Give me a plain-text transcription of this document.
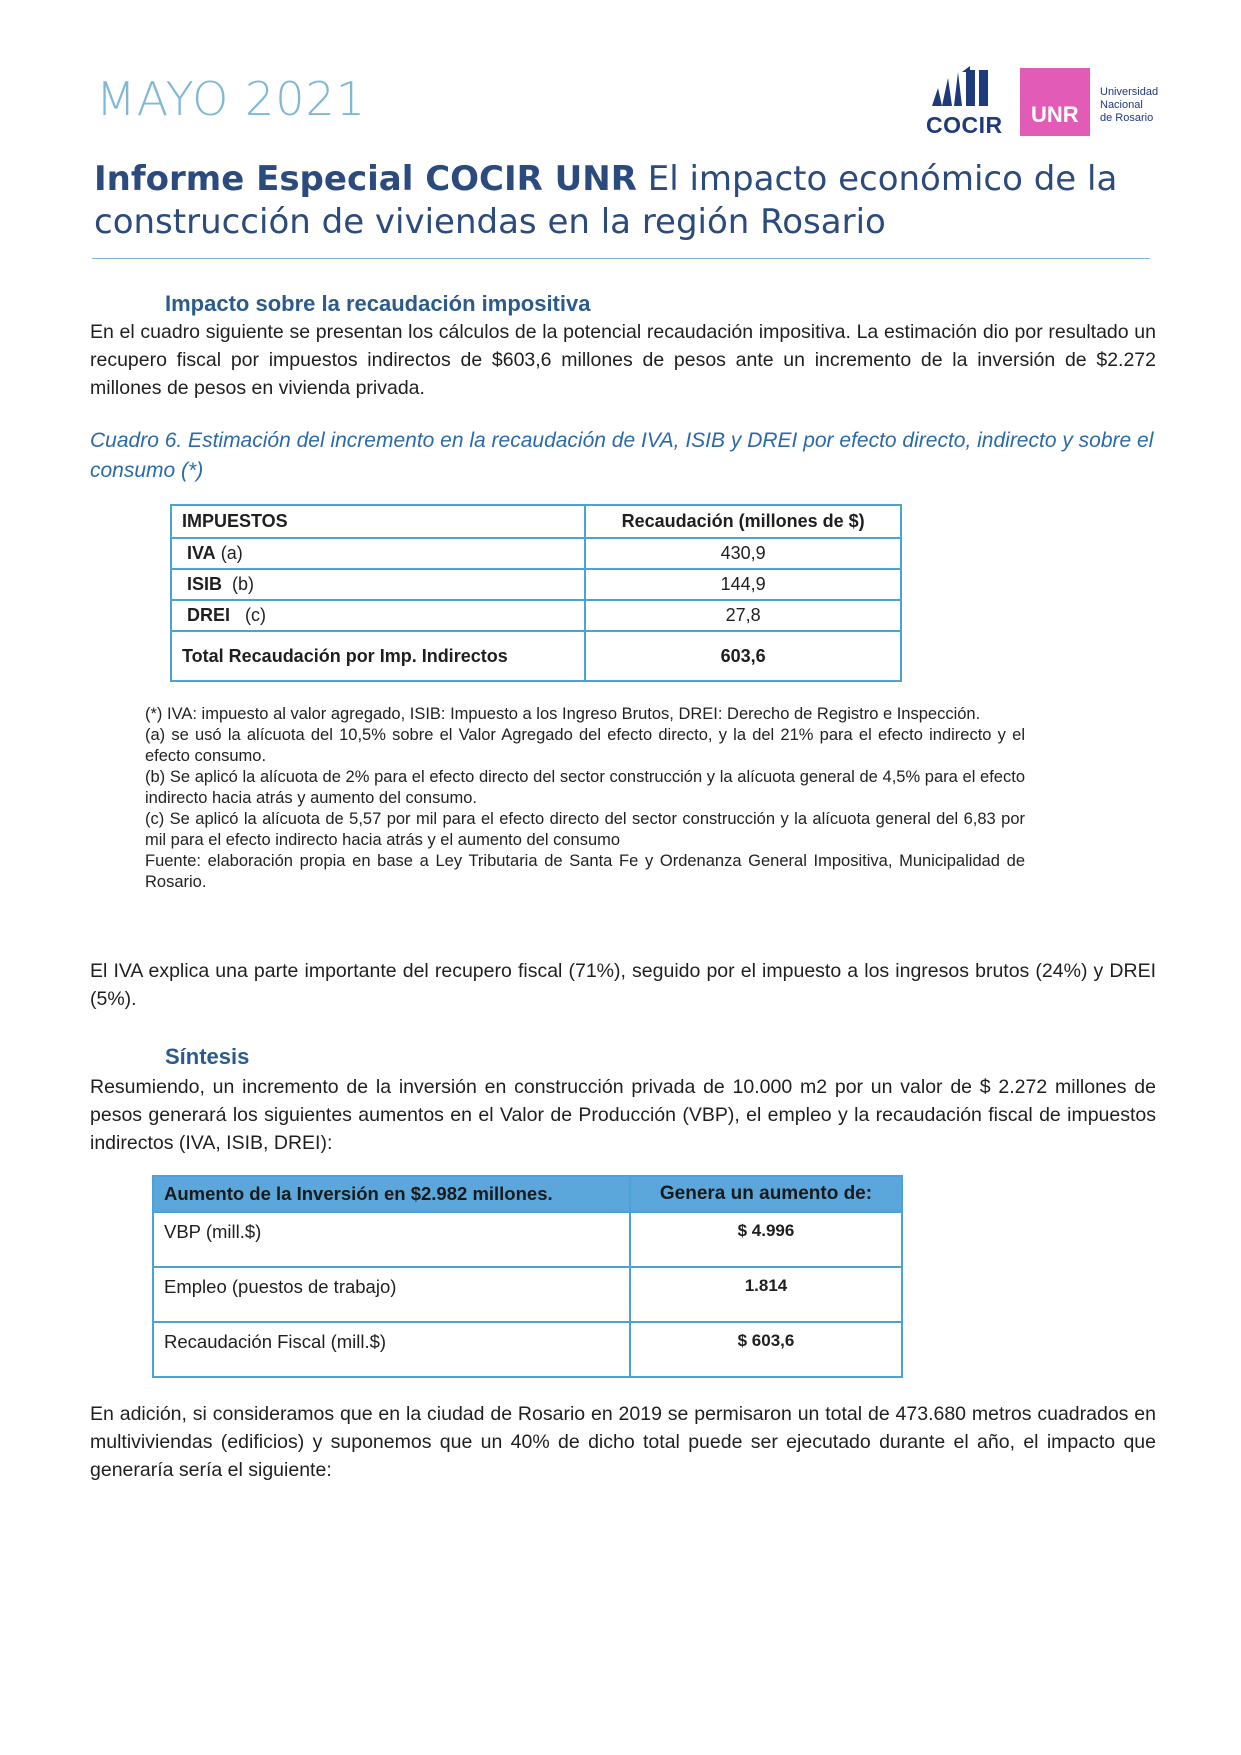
MAYO 2021	COCIR UNR
Universidad
Nacional
de Rosario
Informe Especial COCIR UNR El impacto económico de la construcción de viviendas en la región Rosario
Impacto sobre la recaudación impositiva
En el cuadro siguiente se presentan los cálculos de la potencial recaudación impositiva. La estimación dio por resultado un recupero fiscal por impuestos indirectos de $603,6 millones de pesos ante un incremento de la inversión de $2.272 millones de pesos en vivienda privada.
Cuadro 6. Estimación del incremento en la recaudación de IVA, ISIB y DREI por efecto directo, indirecto y sobre el consumo (*)
IMPUESTOS	Recaudación (millones de $)
IVA (a)	430,9
ISIB (b)	144,9
DREI (c)	27,8
Total Recaudación por Imp. Indirectos	603,6
(*) IVA: impuesto al valor agregado, ISIB: Impuesto a los Ingreso Brutos, DREI: Derecho de Registro e Inspección.
(a) se usó la alícuota del 10,5% sobre el Valor Agregado del efecto directo, y la del 21% para el efecto indirecto y el efecto consumo.
(b) Se aplicó la alícuota de 2% para el efecto directo del sector construcción y la alícuota general de 4,5% para el efecto indirecto hacia atrás y aumento del consumo.
(c) Se aplicó la alícuota de 5,57 por mil para el efecto directo del sector construcción y la alícuota general del 6,83 por mil para el efecto indirecto hacia atrás y el aumento del consumo
Fuente: elaboración propia en base a Ley Tributaria de Santa Fe y Ordenanza General Impositiva, Municipalidad de Rosario.
El IVA explica una parte importante del recupero fiscal (71%), seguido por el impuesto a los ingresos brutos (24%) y DREI (5%).
Síntesis
Resumiendo, un incremento de la inversión en construcción privada de 10.000 m2 por un valor de $ 2.272 millones de pesos generará los siguientes aumentos en el Valor de Producción (VBP), el empleo y la recaudación fiscal de impuestos indirectos (IVA, ISIB, DREI):
Aumento de la Inversión en $2.982 millones.	Genera un aumento de:
VBP (mill.$)	$ 4.996
Empleo (puestos de trabajo)	1.814
Recaudación Fiscal (mill.$)	$ 603,6
En adición, si consideramos que en la ciudad de Rosario en 2019 se permisaron un total de 473.680 metros cuadrados en multiviviendas (edificios) y suponemos que un 40% de dicho total puede ser ejecutado durante el año, el impacto que generaría sería el siguiente:
